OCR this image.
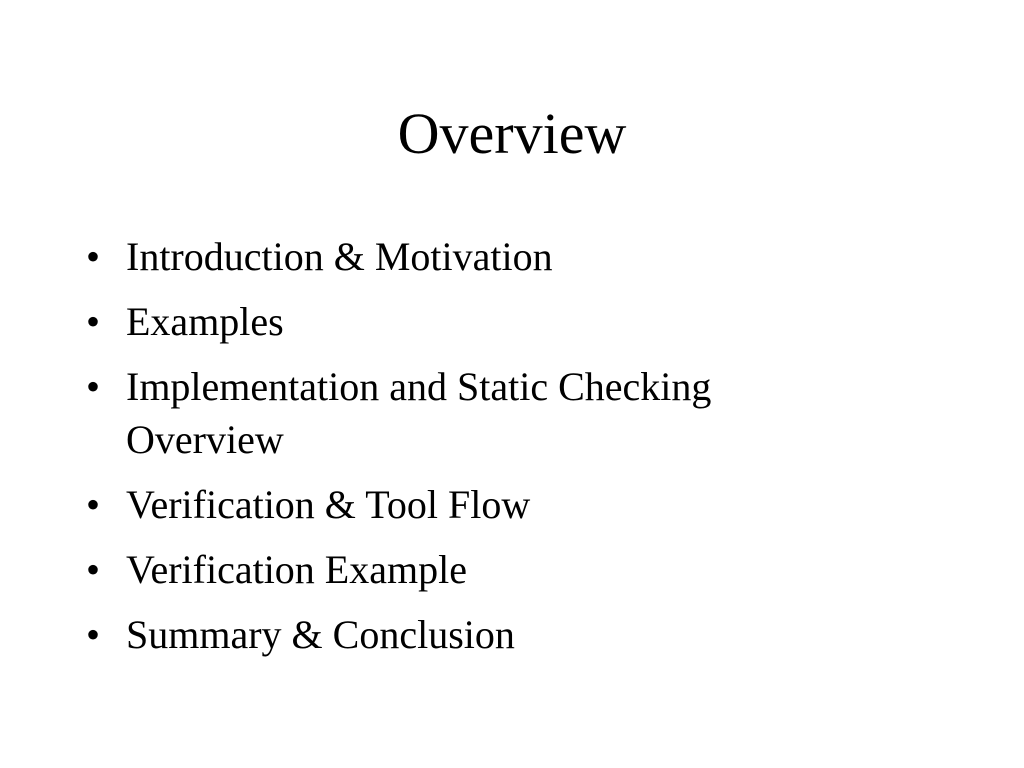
Overview
• Introduction & Motivation
• Examples
• Implementation and Static Checking Overview
• Verification & Tool Flow
• Verification Example
• Summary & Conclusion
